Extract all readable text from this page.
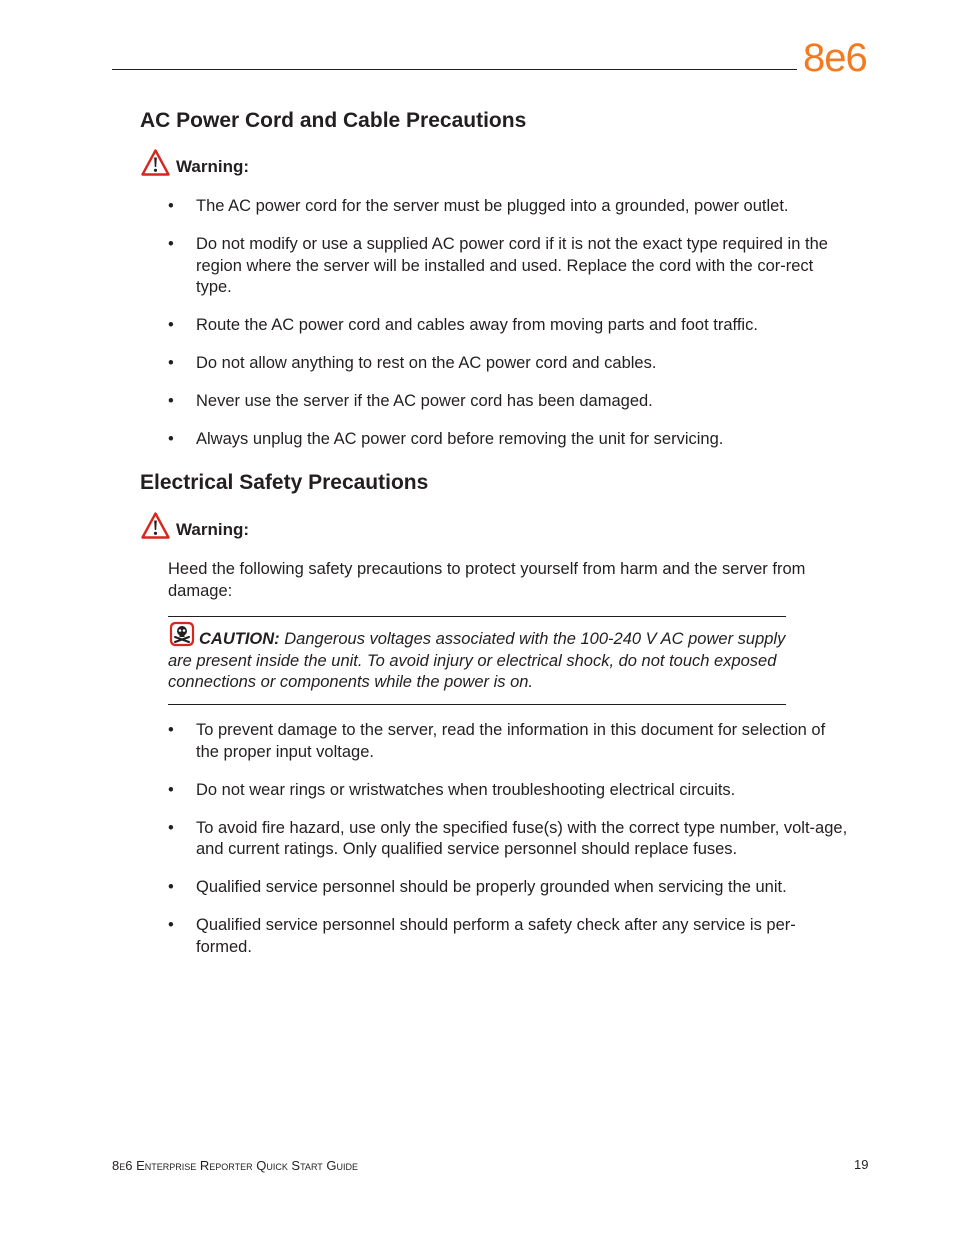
8e6
AC Power Cord and Cable Precautions
Warning:
• The AC power cord for the server must be plugged into a grounded, power outlet.
• Do not modify or use a supplied AC power cord if it is not the exact type required in the region where the server will be installed and used. Replace the cord with the cor-rect type.
• Route the AC power cord and cables away from moving parts and foot traffic.
• Do not allow anything to rest on the AC power cord and cables.
• Never use the server if the AC power cord has been damaged.
• Always unplug the AC power cord before removing the unit for servicing.
Electrical Safety Precautions
Warning:
Heed the following safety precautions to protect yourself from harm and the server from damage:
CAUTION: Dangerous voltages associated with the 100-240 V AC power supply are present inside the unit. To avoid injury or electrical shock, do not touch exposed connections or components while the power is on.
• To prevent damage to the server, read the information in this document for selection of the proper input voltage.
• Do not wear rings or wristwatches when troubleshooting electrical circuits.
• To avoid fire hazard, use only the specified fuse(s) with the correct type number, volt-age, and current ratings. Only qualified service personnel should replace fuses.
• Qualified service personnel should be properly grounded when servicing the unit.
• Qualified service personnel should perform a safety check after any service is per-formed.
8e6 Enterprise Reporter Quick Start Guide	19
